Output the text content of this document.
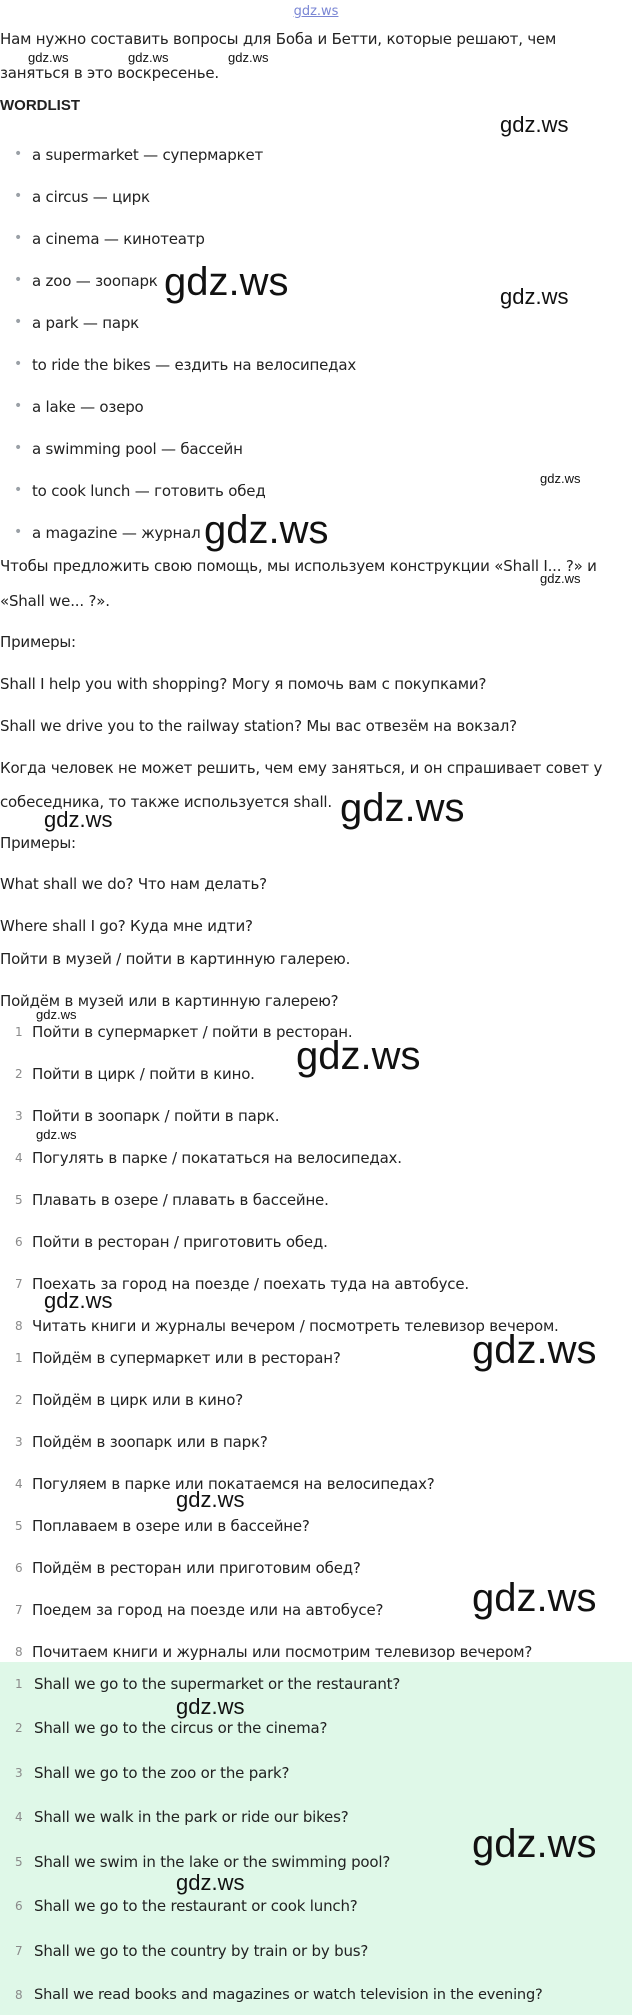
gdz.ws
Нам нужно составить вопросы для Боба и Бетти, которые решают, чем
заняться в это воскресенье.
WORDLIST
• a supermarket — супермаркет
• a circus — цирк
• a cinema — кинотеатр
• a zoo — зоопарк
• a park — парк
• to ride the bikes — ездить на велосипедах
• a lake — озеро
• a swimming pool — бассейн
• to cook lunch — готовить обед
• a magazine — журнал
Чтобы предложить свою помощь, мы используем конструкции «Shall I... ?» и
«Shall we... ?».
Примеры:
Shall I help you with shopping? Могу я помочь вам с покупками?
Shall we drive you to the railway station? Мы вас отвезём на вокзал?
Когда человек не может решить, чем ему заняться, и он спрашивает совет у
собеседника, то также используется shall.
Примеры:
What shall we do? Что нам делать?
Where shall I go? Куда мне идти?
Пойти в музей / пойти в картинную галерею.
Пойдём в музей или в картинную галерею?
1 Пойти в супермаркет / пойти в ресторан.
2 Пойти в цирк / пойти в кино.
3 Пойти в зоопарк / пойти в парк.
4 Погулять в парке / покататься на велосипедах.
5 Плавать в озере / плавать в бассейне.
6 Пойти в ресторан / приготовить обед.
7 Поехать за город на поезде / поехать туда на автобусе.
8 Читать книги и журналы вечером / посмотреть телевизор вечером.
1 Пойдём в супермаркет или в ресторан?
2 Пойдём в цирк или в кино?
3 Пойдём в зоопарк или в парк?
4 Погуляем в парке или покатаемся на велосипедах?
5 Поплаваем в озере или в бассейне?
6 Пойдём в ресторан или приготовим обед?
7 Поедем за город на поезде или на автобусе?
8 Почитаем книги и журналы или посмотрим телевизор вечером?
1 Shall we go to the supermarket or the restaurant?
2 Shall we go to the circus or the cinema?
3 Shall we go to the zoo or the park?
4 Shall we walk in the park or ride our bikes?
5 Shall we swim in the lake or the swimming pool?
6 Shall we go to the restaurant or cook lunch?
7 Shall we go to the country by train or by bus?
8 Shall we read books and magazines or watch television in the evening?
gdz.ws	gdz.ws	gdz.ws
gdz.ws
gdz.ws	gdz.ws
gdz.ws
gdz.ws
gdz.ws
gdz.ws
gdz.ws
gdz.ws
gdz.ws
gdz.ws
gdz.ws
gdz.ws
gdz.ws
gdz.ws
gdz.ws
gdz.ws
gdz.ws
